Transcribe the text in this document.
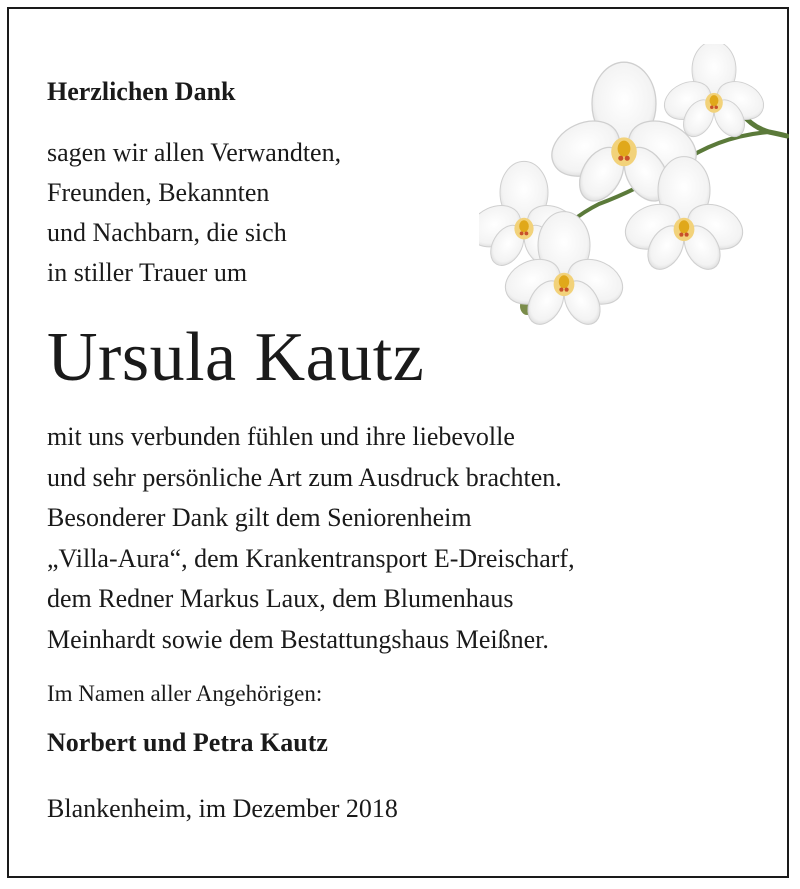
Herzlichen Dank

sagen wir allen Verwandten,
Freunden, Bekannten
und Nachbarn, die sich
in stiller Trauer um

Ursula Kautz

mit uns verbunden fühlen und ihre liebevolle
und sehr persönliche Art zum Ausdruck brachten.
Besonderer Dank gilt dem Seniorenheim
„Villa-Aura“, dem Krankentransport E-Dreischarf,
dem Redner Markus Laux, dem Blumenhaus
Meinhardt sowie dem Bestattungshaus Meißner.

Im Namen aller Angehörigen:

Norbert und Petra Kautz

Blankenheim, im Dezember 2018
